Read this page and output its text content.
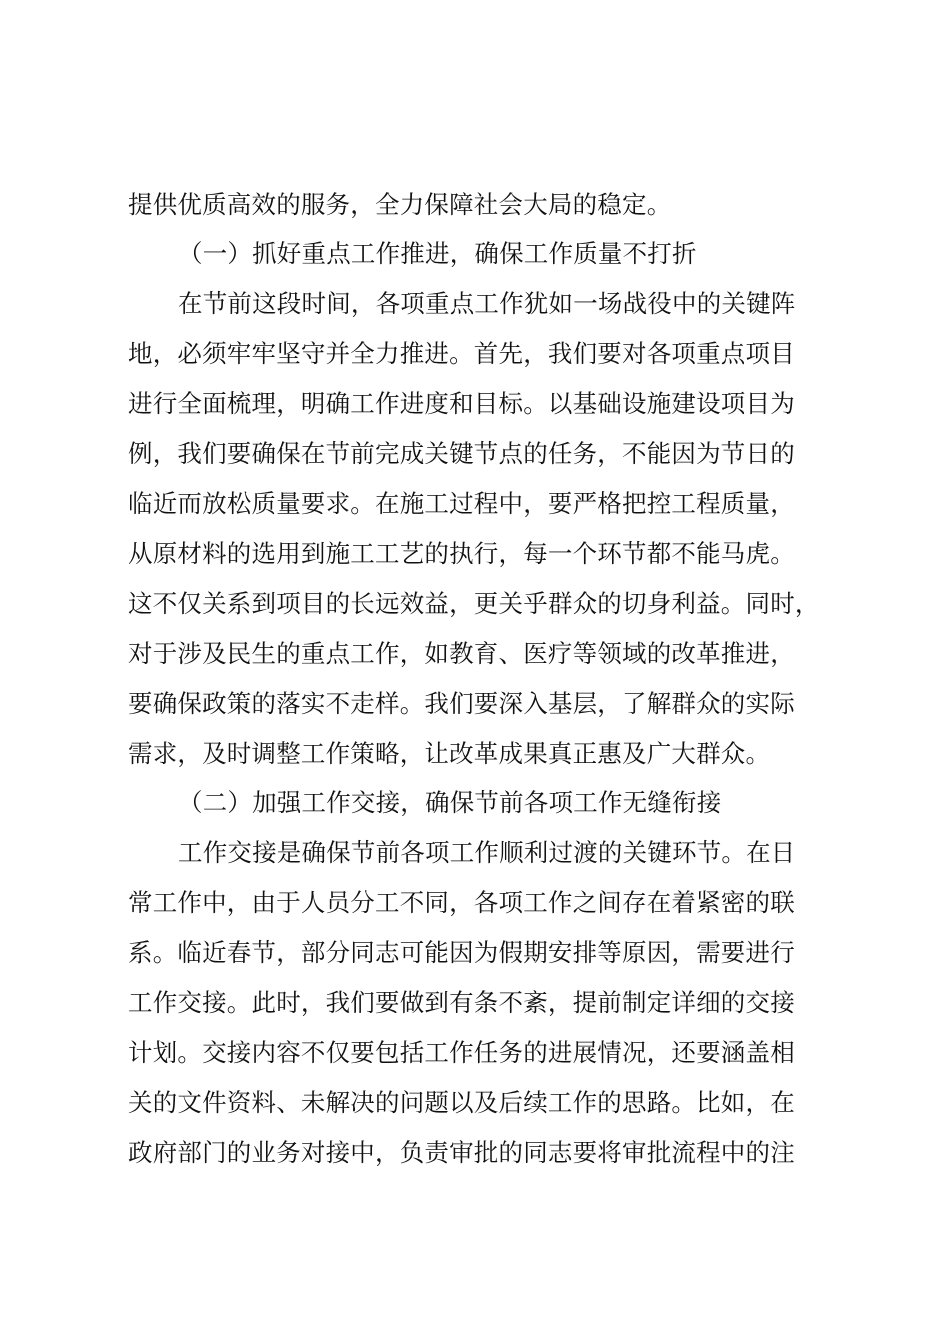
提供优质高效的服务，全力保障社会大局的稳定。
（一）抓好重点工作推进，确保工作质量不打折
在节前这段时间，各项重点工作犹如一场战役中的关键阵
地，必须牢牢坚守并全力推进。首先，我们要对各项重点项目
进行全面梳理，明确工作进度和目标。以基础设施建设项目为
例，我们要确保在节前完成关键节点的任务，不能因为节日的
临近而放松质量要求。在施工过程中，要严格把控工程质量，
从原材料的选用到施工工艺的执行，每一个环节都不能马虎。
这不仅关系到项目的长远效益，更关乎群众的切身利益。同时，
对于涉及民生的重点工作，如教育、医疗等领域的改革推进，
要确保政策的落实不走样。我们要深入基层，了解群众的实际
需求，及时调整工作策略，让改革成果真正惠及广大群众。
（二）加强工作交接，确保节前各项工作无缝衔接
工作交接是确保节前各项工作顺利过渡的关键环节。在日
常工作中，由于人员分工不同，各项工作之间存在着紧密的联
系。临近春节，部分同志可能因为假期安排等原因，需要进行
工作交接。此时，我们要做到有条不紊，提前制定详细的交接
计划。交接内容不仅要包括工作任务的进展情况，还要涵盖相
关的文件资料、未解决的问题以及后续工作的思路。比如，在
政府部门的业务对接中，负责审批的同志要将审批流程中的注
